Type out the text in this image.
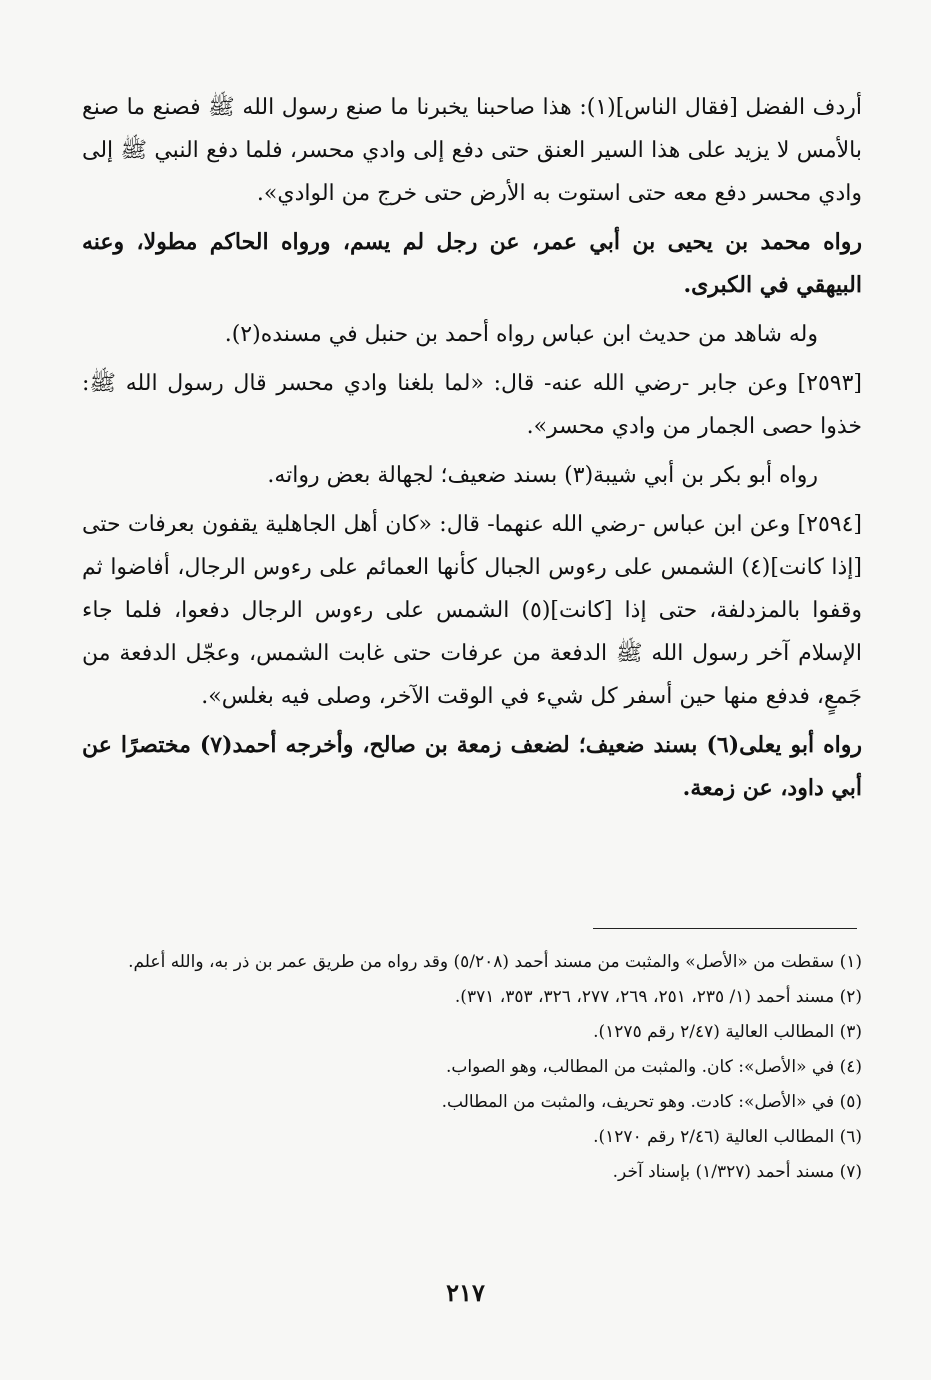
أردف الفضل [فقال الناس](١): هذا صاحبنا يخبرنا ما صنع رسول الله ﷺ فصنع ما صنع بالأمس لا يزيد على هذا السير العنق حتى دفع إلى وادي محسر، فلما دفع النبي ﷺ إلى وادي محسر دفع معه حتى استوت به الأرض حتى خرج من الوادي».

رواه محمد بن يحيى بن أبي عمر، عن رجل لم يسم، ورواه الحاكم مطولا، وعنه البيهقي في الكبرى.

وله شاهد من حديث ابن عباس رواه أحمد بن حنبل في مسنده(٢).

[٢٥٩٣] وعن جابر -رضي الله عنه- قال: «لما بلغنا وادي محسر قال رسول الله ﷺ: خذوا حصى الجمار من وادي محسر».

رواه أبو بكر بن أبي شيبة(٣) بسند ضعيف؛ لجهالة بعض رواته.

[٢٥٩٤] وعن ابن عباس -رضي الله عنهما- قال: «كان أهل الجاهلية يقفون بعرفات حتى [إذا كانت](٤) الشمس على رءوس الجبال كأنها العمائم على رءوس الرجال، أفاضوا ثم وقفوا بالمزدلفة، حتى إذا [كانت](٥) الشمس على رءوس الرجال دفعوا، فلما جاء الإسلام آخر رسول الله ﷺ الدفعة من عرفات حتى غابت الشمس، وعجّل الدفعة من جَمعٍ، فدفع منها حين أسفر كل شيء في الوقت الآخر، وصلى فيه بغلس».

رواه أبو يعلى(٦) بسند ضعيف؛ لضعف زمعة بن صالح، وأخرجه أحمد(٧) مختصرًا عن أبي داود، عن زمعة.

(١) سقطت من «الأصل» والمثبت من مسند أحمد (٥/٢٠٨) وقد رواه من طريق عمر بن ذر به، والله أعلم.

(٢) مسند أحمد (١/ ٢٣٥، ٢٥١، ٢٦٩، ٢٧٧، ٣٢٦، ٣٥٣، ٣٧١).

(٣) المطالب العالية (٢/٤٧ رقم ١٢٧٥).

(٤) في «الأصل»: كان. والمثبت من المطالب، وهو الصواب.

(٥) في «الأصل»: كادت. وهو تحريف، والمثبت من المطالب.

(٦) المطالب العالية (٢/٤٦ رقم ١٢٧٠).

(٧) مسند أحمد (١/٣٢٧) بإسناد آخر.

٢١٧
